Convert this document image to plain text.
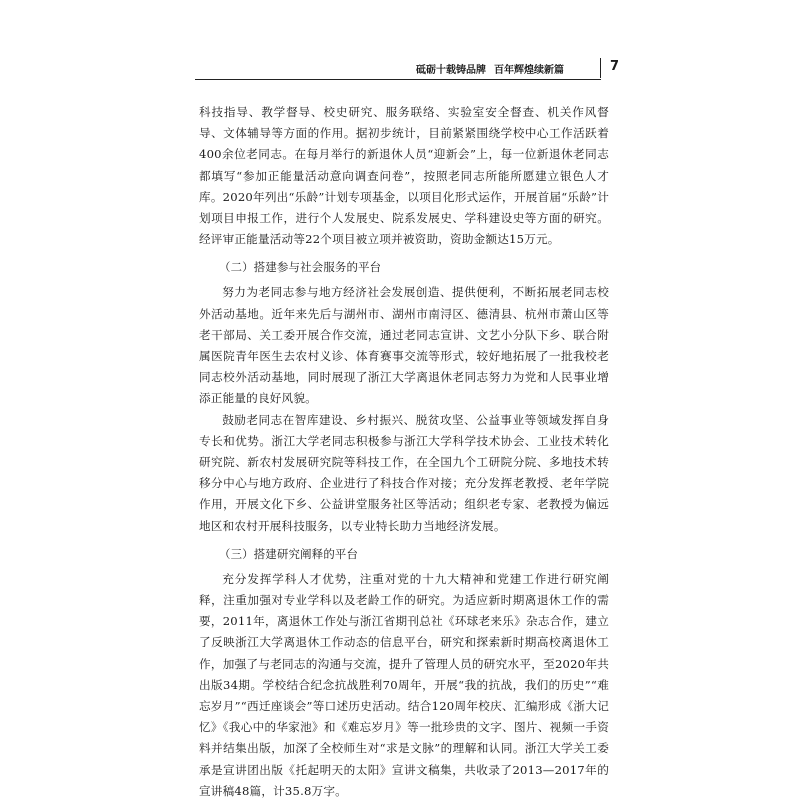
砥砺十载铸品牌 百年辉煌续新篇	7

科技指导、教学督导、校史研究、服务联络、实验室安全督查、机关作风督导、文体辅导等方面的作用。据初步统计，目前紧紧围绕学校中心工作活跃着400余位老同志。在每月举行的新退休人员“迎新会”上，每一位新退休老同志都填写“参加正能量活动意向调查问卷”，按照老同志所能所愿建立银色人才库。2020年列出“乐龄”计划专项基金，以项目化形式运作，开展首届“乐龄”计划项目申报工作，进行个人发展史、院系发展史、学科建设史等方面的研究。经评审正能量活动等22个项目被立项并被资助，资助金额达15万元。

（二）搭建参与社会服务的平台

努力为老同志参与地方经济社会发展创造、提供便利，不断拓展老同志校外活动基地。近年来先后与湖州市、湖州市南浔区、德清县、杭州市萧山区等老干部局、关工委开展合作交流，通过老同志宣讲、文艺小分队下乡、联合附属医院青年医生去农村义诊、体育赛事交流等形式，较好地拓展了一批我校老同志校外活动基地，同时展现了浙江大学离退休老同志努力为党和人民事业增添正能量的良好风貌。

鼓励老同志在智库建设、乡村振兴、脱贫攻坚、公益事业等领域发挥自身专长和优势。浙江大学老同志积极参与浙江大学科学技术协会、工业技术转化研究院、新农村发展研究院等科技工作，在全国九个工研院分院、多地技术转移分中心与地方政府、企业进行了科技合作对接；充分发挥老教授、老年学院作用，开展文化下乡、公益讲堂服务社区等活动；组织老专家、老教授为偏远地区和农村开展科技服务，以专业特长助力当地经济发展。

（三）搭建研究阐释的平台

充分发挥学科人才优势，注重对党的十九大精神和党建工作进行研究阐释，注重加强对专业学科以及老龄工作的研究。为适应新时期离退休工作的需要，2011年，离退休工作处与浙江省期刊总社《环球老来乐》杂志合作，建立了反映浙江大学离退休工作动态的信息平台，研究和探索新时期高校离退休工作，加强了与老同志的沟通与交流，提升了管理人员的研究水平，至2020年共出版34期。学校结合纪念抗战胜利70周年，开展“我的抗战，我们的历史”“难忘岁月”“西迁座谈会”等口述历史活动。结合120周年校庆、汇编形成《浙大记忆》《我心中的华家池》和《难忘岁月》等一批珍贵的文字、图片、视频一手资料并结集出版，加深了全校师生对“求是文脉”的理解和认同。浙江大学关工委承是宣讲团出版《托起明天的太阳》宣讲文稿集，共收录了2013—2017年的宣讲稿48篇，计35.8万字。
